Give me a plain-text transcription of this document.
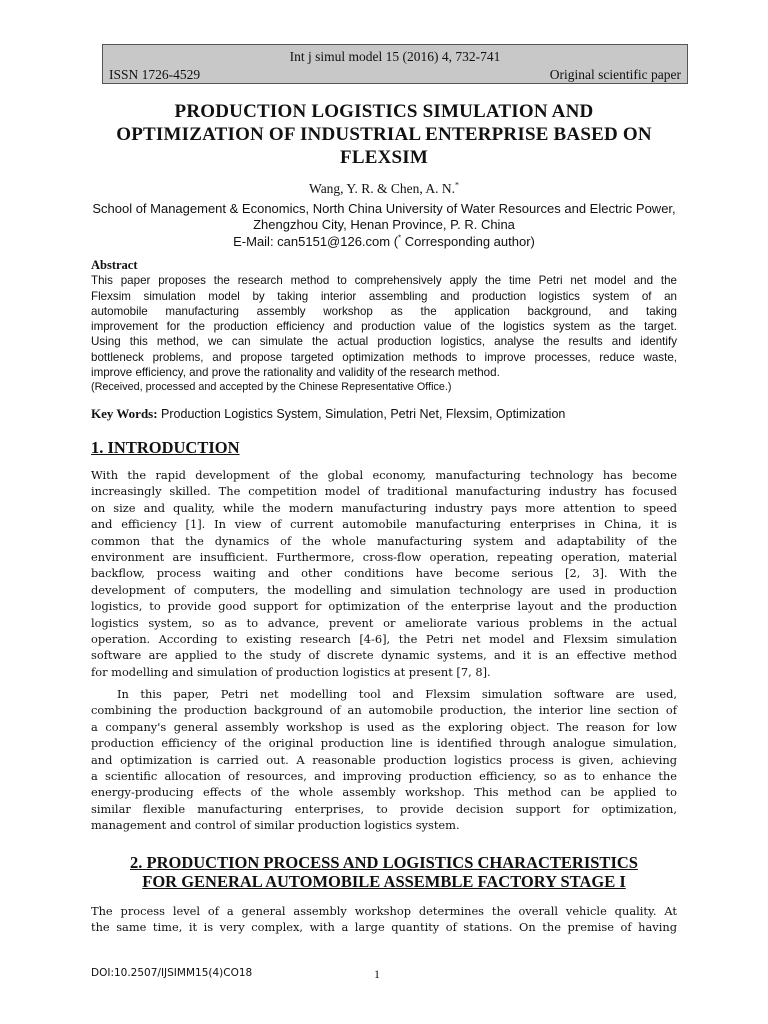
Int j simul model 15 (2016) 4, 732-741
ISSN 1726-4529	Original scientific paper
PRODUCTION LOGISTICS SIMULATION AND
OPTIMIZATION OF INDUSTRIAL ENTERPRISE BASED ON
FLEXSIM
Wang, Y. R. & Chen, A. N.*
School of Management & Economics, North China University of Water Resources and Electric Power,
Zhengzhou City, Henan Province, P. R. China
E-Mail: can5151@126.com (* Corresponding author)
Abstract
This paper proposes the research method to comprehensively apply the time Petri net model and the
Flexsim simulation model by taking interior assembling and production logistics system of an
automobile manufacturing assembly workshop as the application background, and taking
improvement for the production efficiency and production value of the logistics system as the target.
Using this method, we can simulate the actual production logistics, analyse the results and identify
bottleneck problems, and propose targeted optimization methods to improve processes, reduce waste,
improve efficiency, and prove the rationality and validity of the research method.
(Received, processed and accepted by the Chinese Representative Office.)
Key Words: Production Logistics System, Simulation, Petri Net, Flexsim, Optimization
1. INTRODUCTION
With the rapid development of the global economy, manufacturing technology has become
increasingly skilled. The competition model of traditional manufacturing industry has focused
on size and quality, while the modern manufacturing industry pays more attention to speed
and efficiency [1]. In view of current automobile manufacturing enterprises in China, it is
common that the dynamics of the whole manufacturing system and adaptability of the
environment are insufficient. Furthermore, cross-flow operation, repeating operation, material
backflow, process waiting and other conditions have become serious [2, 3]. With the
development of computers, the modelling and simulation technology are used in production
logistics, to provide good support for optimization of the enterprise layout and the production
logistics system, so as to advance, prevent or ameliorate various problems in the actual
operation. According to existing research [4-6], the Petri net model and Flexsim simulation
software are applied to the study of discrete dynamic systems, and it is an effective method
for modelling and simulation of production logistics at present [7, 8].
In this paper, Petri net modelling tool and Flexsim simulation software are used,
combining the production background of an automobile production, the interior line section of
a company's general assembly workshop is used as the exploring object. The reason for low
production efficiency of the original production line is identified through analogue simulation,
and optimization is carried out. A reasonable production logistics process is given, achieving
a scientific allocation of resources, and improving production efficiency, so as to enhance the
energy-producing effects of the whole assembly workshop. This method can be applied to
similar flexible manufacturing enterprises, to provide decision support for optimization,
management and control of similar production logistics system.
2. PRODUCTION PROCESS AND LOGISTICS CHARACTERISTICS
FOR GENERAL AUTOMOBILE ASSEMBLE FACTORY STAGE I
The process level of a general assembly workshop determines the overall vehicle quality. At
the same time, it is very complex, with a large quantity of stations. On the premise of having
DOI:10.2507/IJSIMM15(4)CO18	1
